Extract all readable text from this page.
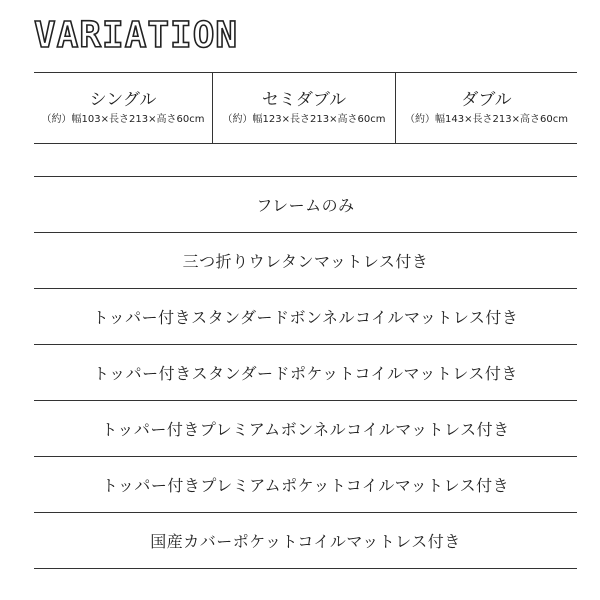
VARIATION
シングル
（約）幅103×長さ213×高さ60cm
セミダブル
（約）幅123×長さ213×高さ60cm
ダブル
（約）幅143×長さ213×高さ60cm
フレームのみ
三つ折りウレタンマットレス付き
トッパー付きスタンダードボンネルコイルマットレス付き
トッパー付きスタンダードポケットコイルマットレス付き
トッパー付きプレミアムボンネルコイルマットレス付き
トッパー付きプレミアムポケットコイルマットレス付き
国産カバーポケットコイルマットレス付き
